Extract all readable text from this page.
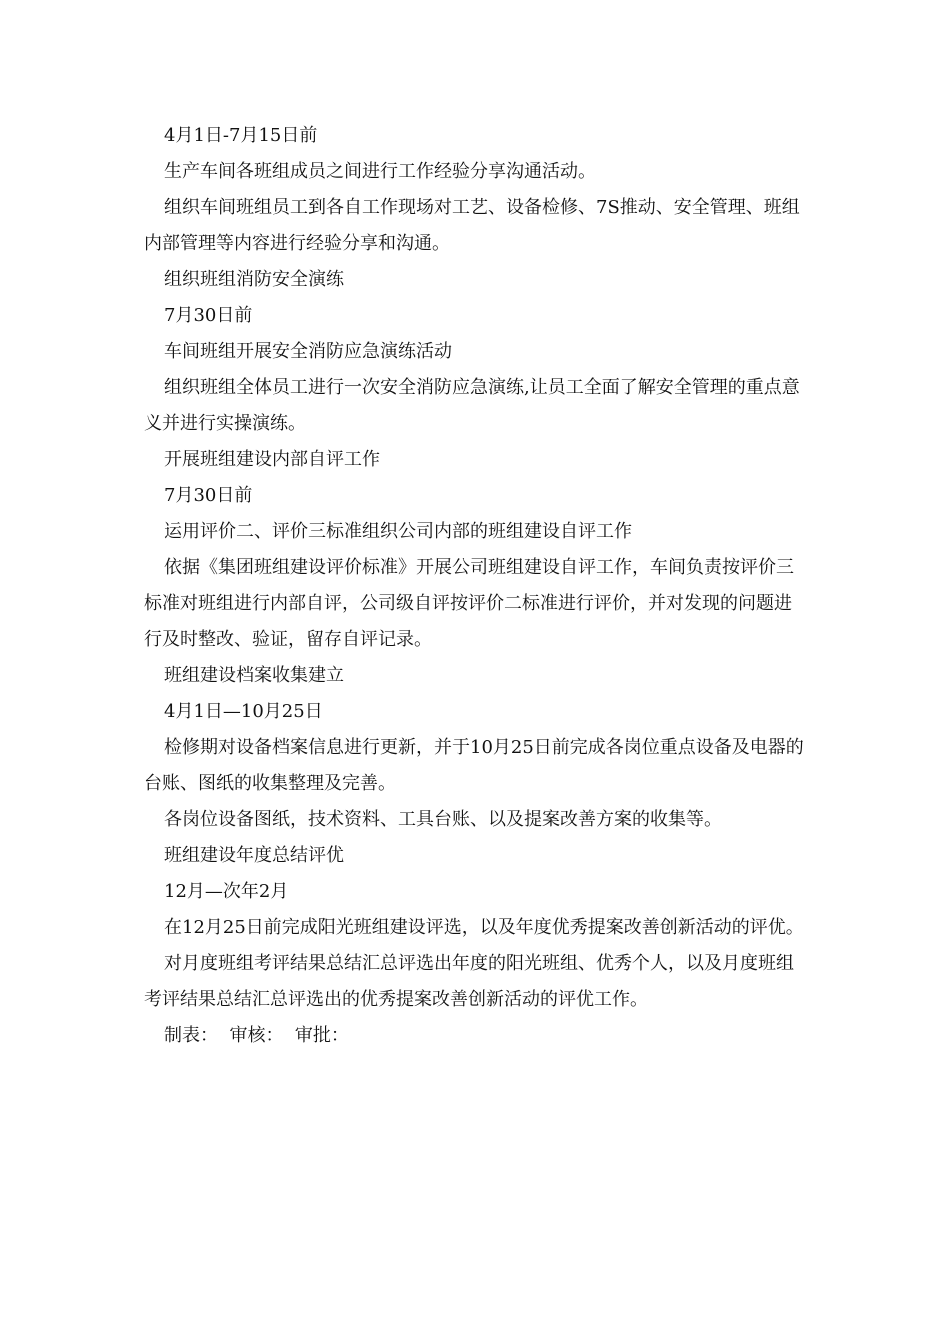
4月1日-7月15日前

生产车间各班组成员之间进行工作经验分享沟通活动。

组织车间班组员工到各自工作现场对工艺、设备检修、7S推动、安全管理、班组内部管理等内容进行经验分享和沟通。

组织班组消防安全演练

7月30日前

车间班组开展安全消防应急演练活动

组织班组全体员工进行一次安全消防应急演练,让员工全面了解安全管理的重点意义并进行实操演练。

开展班组建设内部自评工作

7月30日前

运用评价二、评价三标准组织公司内部的班组建设自评工作

依据《集团班组建设评价标准》开展公司班组建设自评工作，车间负责按评价三标准对班组进行内部自评，公司级自评按评价二标准进行评价，并对发现的问题进行及时整改、验证，留存自评记录。

班组建设档案收集建立

4月1日—10月25日

检修期对设备档案信息进行更新，并于10月25日前完成各岗位重点设备及电器的台账、图纸的收集整理及完善。

各岗位设备图纸，技术资料、工具台账、以及提案改善方案的收集等。

班组建设年度总结评优

12月—次年2月

在12月25日前完成阳光班组建设评选，以及年度优秀提案改善创新活动的评优。

对月度班组考评结果总结汇总评选出年度的阳光班组、优秀个人，以及月度班组考评结果总结汇总评选出的优秀提案改善创新活动的评优工作。

制表：  审核：  审批：
